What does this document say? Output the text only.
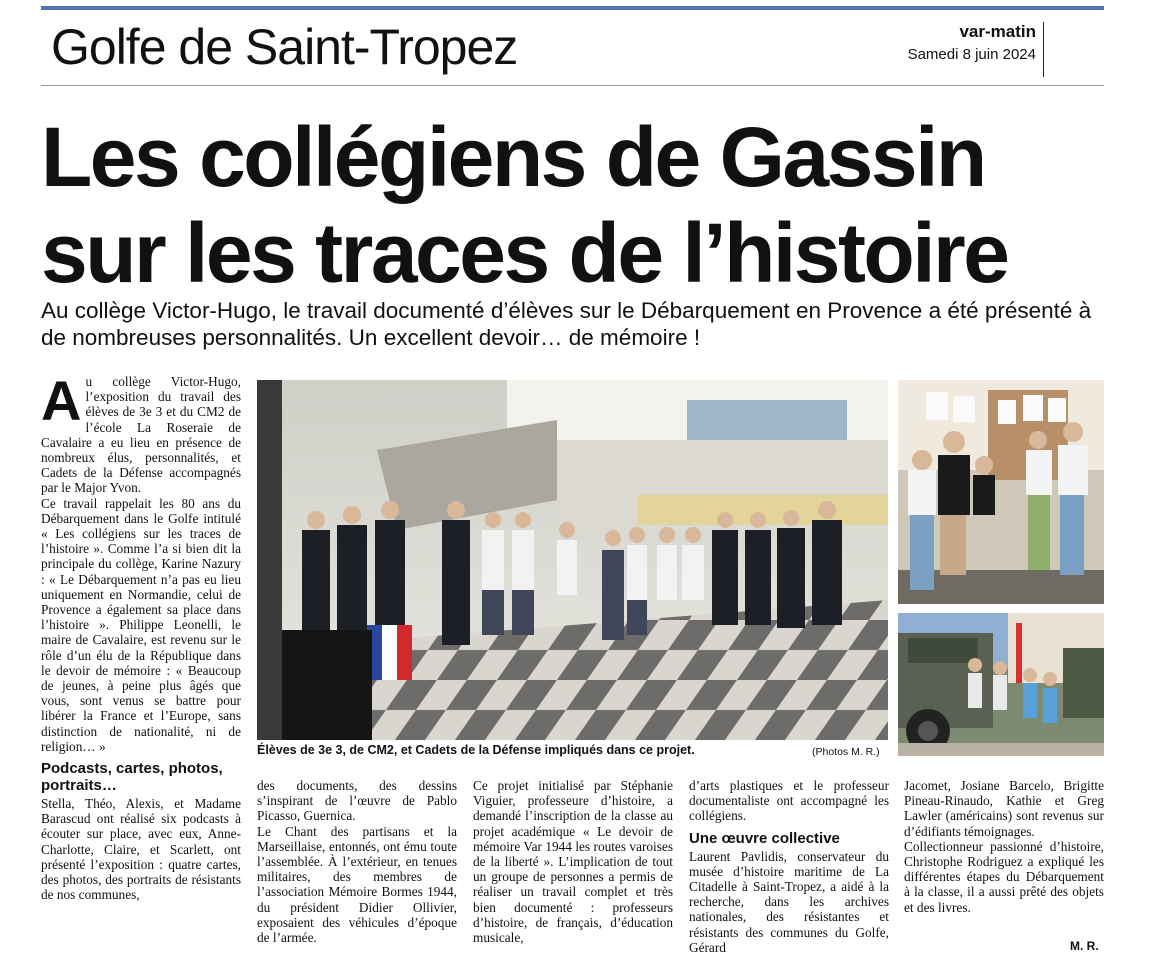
Golfe de Saint-Tropez	var-matin
Samedi 8 juin 2024
Les collégiens de Gassin
sur les traces de l’histoire
Au collège Victor-Hugo, le travail documenté d’élèves sur le Débarquement en Provence a été présenté à de nombreuses personnalités. Un excellent devoir… de mémoire !
A u collège Victor-Hugo, l’exposition du travail des élèves de 3e 3 et du CM2 de l’école La Roseraie de Cavalaire a eu lieu en présence de nombreux élus, personnalités, et Cadets de la Défense accompagnés par le Major Yvon.

Ce travail rappelait les 80 ans du Débarquement dans le Golfe intitulé « Les collégiens sur les traces de l’histoire ». Comme l’a si bien dit la principale du collège, Karine Nazury : « Le Débarquement n’a pas eu lieu uniquement en Normandie, celui de Provence a également sa place dans l’histoire ». Philippe Leonelli, le maire de Cavalaire, est revenu sur le rôle d’un élu de la République dans le devoir de mémoire : « Beaucoup de jeunes, à peine plus âgés que vous, sont venus se battre pour libérer la France et l’Europe, sans distinction de nationalité, ni de religion… »

Podcasts, cartes, photos, portraits…

Stella, Théo, Alexis, et Madame Barascud ont réalisé six podcasts à écouter sur place, avec eux, Anne-Charlotte, Claire, et Scarlett, ont présenté l’exposition : quatre cartes, des photos, des portraits de résistants de nos communes,

Élèves de 3e 3, de CM2, et Cadets de la Défense impliqués dans ce projet.	(Photos M. R.)

des documents, des dessins s’inspirant de l’œuvre de Pablo Picasso, Guernica.

Le Chant des partisans et la Marseillaise, entonnés, ont ému toute l’assemblée. À l’extérieur, en tenues militaires, des membres de l’association Mémoire Bormes 1944, du président Didier Ollivier, exposaient des véhicules d’époque de l’armée.

Ce projet initialisé par Stéphanie Viguier, professeure d’histoire, a demandé l’inscription de la classe au projet académique « Le devoir de mémoire Var 1944 les routes varoises de la liberté ». L’implication de tout un groupe de personnes a permis de réaliser un travail complet et très bien documenté : professeurs d’histoire, de français, d’éducation musicale,

d’arts plastiques et le professeur documentaliste ont accompagné les collégiens.

Une œuvre collective

Laurent Pavlidis, conservateur du musée d’histoire maritime de La Citadelle à Saint-Tropez, a aidé à la recherche, dans les archives nationales, des résistantes et résistants des communes du Golfe, Gérard

Jacomet, Josiane Barcelo, Brigitte Pineau-Rinaudo, Kathie et Greg Lawler (américains) sont revenus sur d’édifiants témoignages.

Collectionneur passionné d’histoire, Christophe Rodriguez a expliqué les différentes étapes du Débarquement à la classe, il a aussi prêté des objets et des livres.

M. R.
